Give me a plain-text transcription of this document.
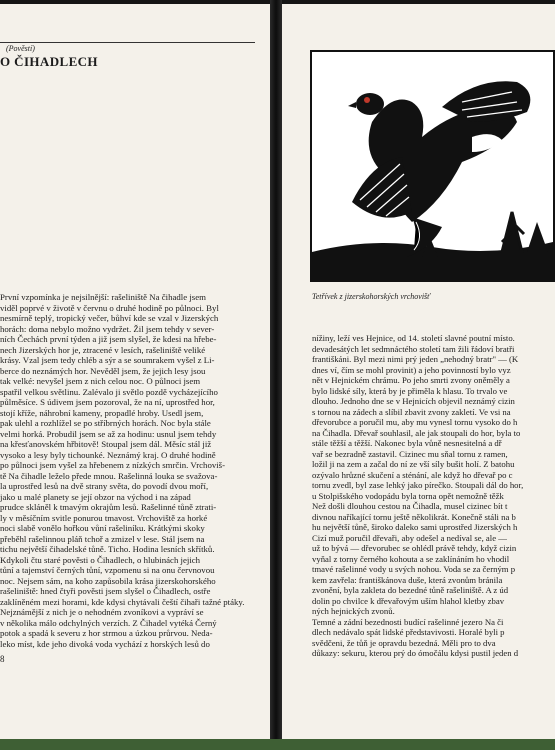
(Pověstí)
O ČIHADLECH
První vzpomínka je nejsilnější: rašeliniště Na čihadle jsem
viděl poprvé v životě v červnu o druhé hodině po půlnoci. Byl
nesmírně teplý, tropický večer, bůhví kde se vzal v Jizerských
horách: doma nebylo možno vydržet. Žil jsem tehdy v sever-
ních Čechách první týden a již jsem slyšel, že kdesi na hřebe-
nech Jizerských hor je, ztracené v lesích, rašeliniště veliké
krásy. Vzal jsem tedy chléb a sýr a se soumrakem vyšel z Li-
berce do neznámých hor. Nevěděl jsem, že jejich lesy jsou
tak velké: nevyšel jsem z nich celou noc. O půlnoci jsem
spatřil velkou světlinu. Zalévalo ji světlo pozdě vycházejícího
půlměsíce. S údivem jsem pozoroval, že na ní, uprostřed hor,
stojí kříže, náhrobní kameny, propadlé hroby. Usedl jsem,
pak ulehl a rozhlížel se po stříbrných horách. Noc byla stále
velmi horká. Probudil jsem se až za hodinu: usnul jsem tehdy
na křesťanovském hřbitově! Stoupal jsem dál. Měsíc stál již
vysoko a lesy byly tichounké. Neznámý kraj. O druhé hodině
po půlnoci jsem vyšel za hřebenem z nízkých smrčin. Vrchoviš-
tě Na čihadle leželo přede mnou. Rašelinná louka se svažova-
la uprostřed lesů na dvě strany světa, do povodí dvou moří,
jako u malé planety se její obzor na východ i na západ
prudce skláněl k tmavým okrajům lesů. Rašelinné tůně ztrati-
ly v měsíčním svitle ponurou tmavost. Vrchoviště za horké
noci slabě vonělo hořkou vůní rašeliníku. Krátkými skoky
přeběhl rašelinnou pláň tchoř a zmizel v lese. Stál jsem na
tichu největší čihadelské tůně. Ticho. Hodina lesních skřítků.
Kdykoli čtu staré pověsti o Čihadlech, o hlubinách jejich
tůní a tajemství černých tůní, vzpomenu si na onu červnovou
noc. Nejsem sám, na koho zapůsobila krása jizerskohorského
rašeliniště: hned čtyři pověsti jsem slyšel o Čihadlech, ostře
zaklíněném mezi horami, kde kdysi chytávali čeští čihaři tažné ptáky.
Nejznámější z nich je o nehodném zvoníkovi a vypráví se
v několika málo odchylných verzích. Z Čihadel vytéká Černý
potok a spadá k severu z hor strmou a úzkou průrvou. Neda-
leko míst, kde jeho divoká voda vychází z horských lesů do
8
Tetřívek z jizerskohorských vrchovišť
nížiny, leží ves Hejnice, od 14. století slavné poutní místo.
devadesátých let sedmnáctého století tam žili řádoví bratři
františkáni. Byl mezi nimi prý jeden „nehodný bratr" — (K
dnes ví, čím se mohl provinit) a jeho povinností bylo vyz
nět v Hejnickém chrámu. Po jeho smrti zvony oněměly a
bylo lidské síly, která by je přiměla k hlasu. To trvalo ve
dlouho. Jednoho dne se v Hejnicích objevil neznámý cizin
s tornou na zádech a slíbil zbavit zvony zakletí. Ve vsi na
dřevorubce a poručil mu, aby mu vynesl tornu vysoko do h
na Čihadla. Dřevař souhlasil, ale jak stoupali do hor, byla to
stále těžší a těžší. Nakonec byla vůně nesnesitelná a dř
vař se bezradně zastavil. Cizinec mu sňal tornu z ramen,
ložil ji na zem a začal do ní ze vší síly bušit holí. Z batohu
ozývalo hrůzné skučení a sténání, ale když ho dřevař po c
tornu zvedl, byl zase lehký jako pírečko. Stoupali dál do hor,
u Stolpišského vodopádu byla torna opět nemožně těžk
Než došli dlouhou cestou na Čihadla, musel cizinec bít t
divnou naříkající tornu ještě několikrát. Konečně stáli na b
hu největší tůně, široko daleko sami uprostřed Jizerských h
Cizí muž poručil dřevaři, aby odešel a nedíval se, ale —
už to bývá — dřevorubec se ohlédl právě tehdy, když cizin
vyňal z torny černého kohouta a se zaklínáním ho vhodil
tmavé rašelinné vody u svých nohou. Voda se za černým p
kem zavřela: františkánova duše, která zvonům bránila
zvonění, byla zakleta do bezedné tůně rašeliniště. A z úd
dolin po chvilce k dřevařovým uším hlahol kletby zbav
ných hejnických zvonů.
Temné a zádní bezednosti budící rašelinné jezero Na či
dlech nedávalo spát lidské představivosti. Horalé byli p
svědčeni, že tůň je opravdu bezedná. Měli pro to dva
důkazy: sekuru, kterou prý do ómočálu kdysi pustil jeden d
